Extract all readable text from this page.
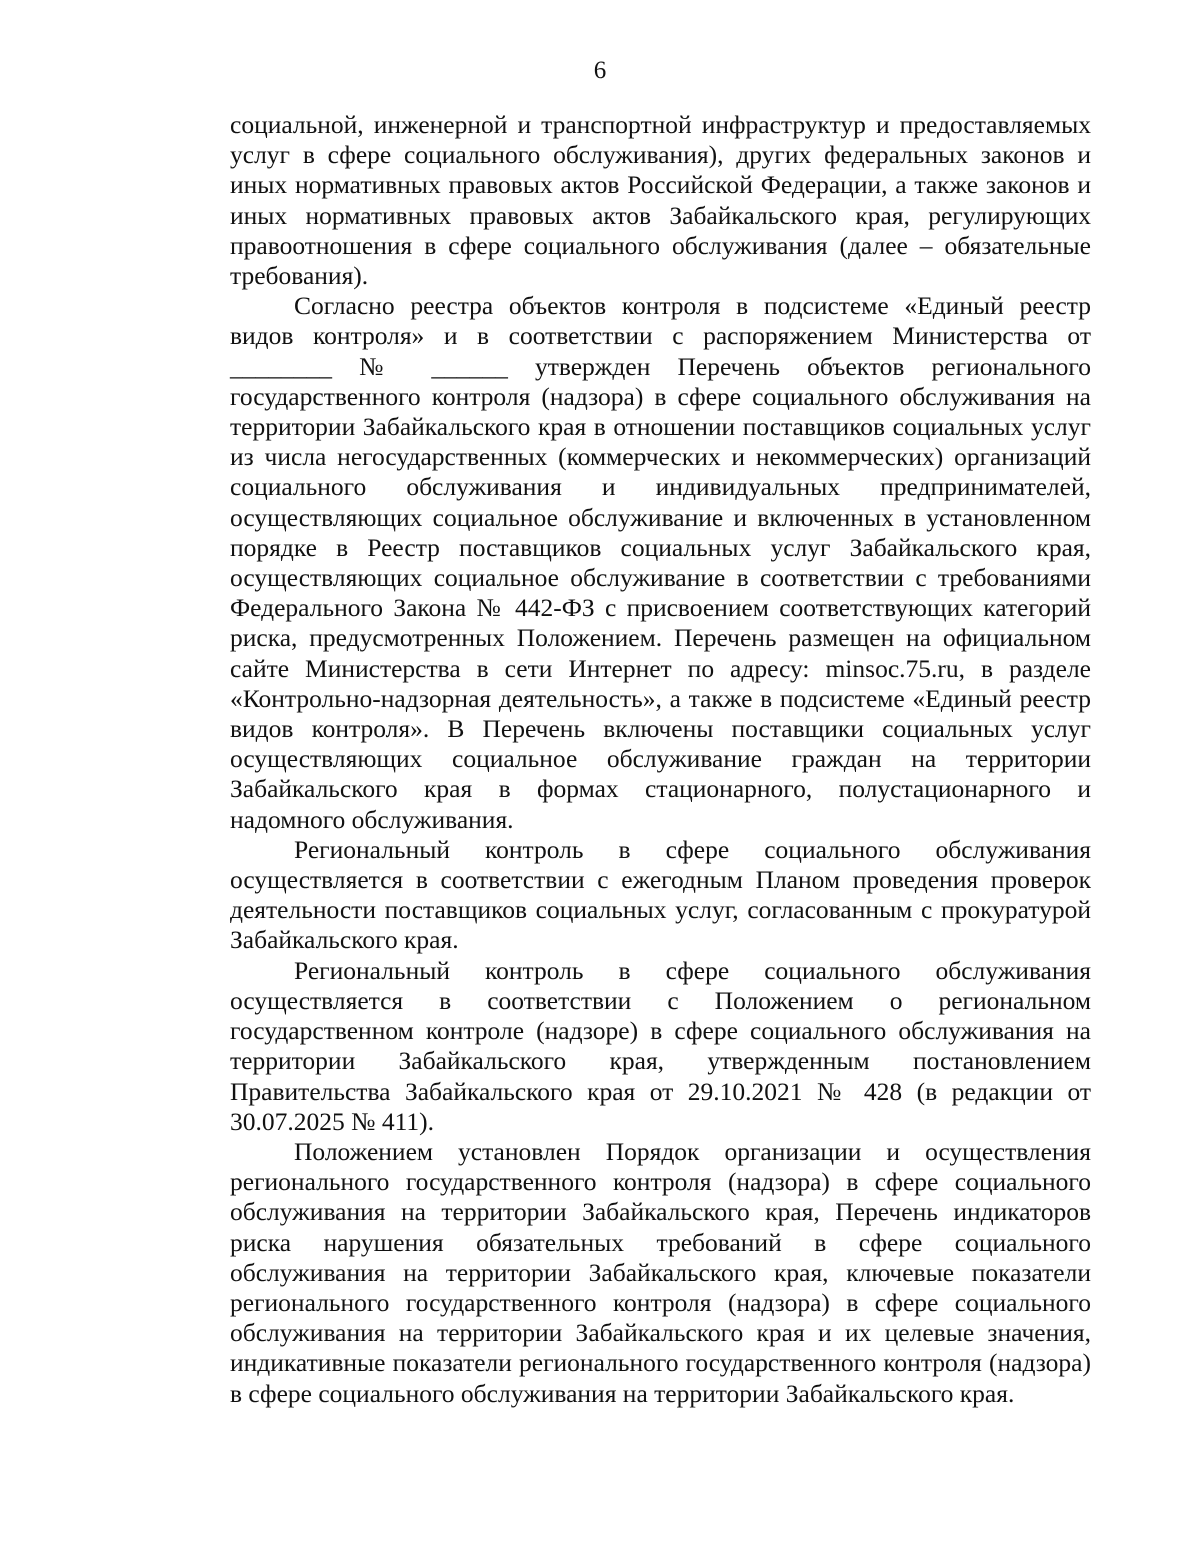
6

социальной, инженерной и транспортной инфраструктур и предоставляемых услуг в сфере социального обслуживания), других федеральных законов и иных нормативных правовых актов Российской Федерации, а также законов и иных нормативных правовых актов Забайкальского края, регулирующих правоотношения в сфере социального обслуживания (далее – обязательные требования).

Согласно реестра объектов контроля в подсистеме «Единый реестр видов контроля» и в соответствии с распоряжением Министерства от ________ № ______ утвержден Перечень объектов регионального государственного контроля (надзора) в сфере социального обслуживания на территории Забайкальского края в отношении поставщиков социальных услуг из числа негосударственных (коммерческих и некоммерческих) организаций социального обслуживания и индивидуальных предпринимателей, осуществляющих социальное обслуживание и включенных в установленном порядке в Реестр поставщиков социальных услуг Забайкальского края, осуществляющих социальное обслуживание в соответствии с требованиями Федерального Закона № 442-ФЗ с присвоением соответствующих категорий риска, предусмотренных Положением. Перечень размещен на официальном сайте Министерства в сети Интернет по адресу: minsoc.75.ru, в разделе «Контрольно-надзорная деятельность», а также в подсистеме «Единый реестр видов контроля». В Перечень включены поставщики социальных услуг осуществляющих социальное обслуживание граждан на территории Забайкальского края в формах стационарного, полустационарного и надомного обслуживания.

Региональный контроль в сфере социального обслуживания осуществляется в соответствии с ежегодным Планом проведения проверок деятельности поставщиков социальных услуг, согласованным с прокуратурой Забайкальского края.

Региональный контроль в сфере социального обслуживания осуществляется в соответствии с Положением о региональном государственном контроле (надзоре) в сфере социального обслуживания на территории Забайкальского края, утвержденным постановлением Правительства Забайкальского края от 29.10.2021 № 428 (в редакции от 30.07.2025 № 411).

Положением установлен Порядок организации и осуществления регионального государственного контроля (надзора) в сфере социального обслуживания на территории Забайкальского края, Перечень индикаторов риска нарушения обязательных требований в сфере социального обслуживания на территории Забайкальского края, ключевые показатели регионального государственного контроля (надзора) в сфере социального обслуживания на территории Забайкальского края и их целевые значения, индикативные показатели регионального государственного контроля (надзора) в сфере социального обслуживания на территории Забайкальского края.
